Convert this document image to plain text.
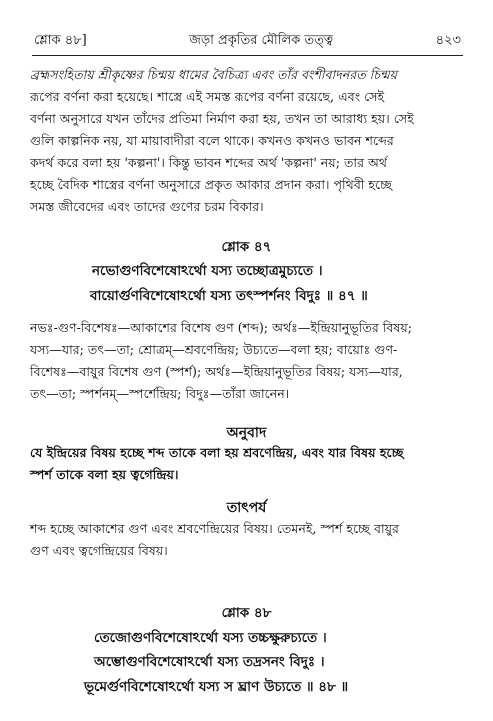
শ্লোক ৪৮]	জড়া প্রকৃতির মৌলিক তত্ত্ব	৪২৩
ব্রহ্মসংহিতায় শ্রীকৃষ্ণের চিন্ময় ধামের বৈচিত্র্য এবং তাঁর বংশীবাদনরত চিন্ময়
রূপের বর্ণনা করা হয়েছে। শাস্ত্রে এই সমস্ত রূপের বর্ণনা রয়েছে, এবং সেই
বর্ণনা অনুসারে যখন তাঁদের প্রতিমা নির্মাণ করা হয়, তখন তা আরাধ্য হয়। সেই
গুলি কাল্পনিক নয়, যা মায়াবাদীরা বলে থাকে। কখনও কখনও ভাবন শব্দের
কদর্থ করে বলা হয় 'কল্পনা'। কিন্তু ভাবন শব্দের অর্থ 'কল্পনা' নয়; তার অর্থ
হচ্ছে বৈদিক শাস্ত্রের বর্ণনা অনুসারে প্রকৃত আকার প্রদান করা। পৃথিবী হচ্ছে
সমস্ত জীবেদের এবং তাদের গুণের চরম বিকার।
শ্লোক ৪৭
নভোগুণবিশেষোঽর্থো যস্য তচ্ছোত্রমুচ্যতে ।
বায়োর্গুণবিশেষোঽর্থো যস্য তৎস্পর্শনং বিদুঃ ॥ ৪৭ ॥
নভঃ-গুণ-বিশেষঃ—আকাশের বিশেষ গুণ (শব্দ); অর্থঃ—ইন্দ্রিয়ানুভূতির বিষয়;
যস্য—যার; তৎ—তা; শ্রোত্রম্—শ্রবণেন্দ্রিয়; উচ্যতে—বলা হয়; বায়োঃ গুণ-
বিশেষঃ—বায়ুর বিশেষ গুণ (স্পর্শ); অর্থঃ—ইন্দ্রিয়ানুভূতির বিষয়; যস্য—যার,
তৎ—তা; স্পর্শনম্—স্পর্শেন্দ্রিয়; বিদুঃ—তাঁরা জানেন।
অনুবাদ
যে ইন্দ্রিয়ের বিষয় হচ্ছে শব্দ তাকে বলা হয় শ্রবণেন্দ্রিয়, এবং যার বিষয় হচ্ছে
স্পর্শ তাকে বলা হয় ত্বগেন্দ্রিয়।
তাৎপর্য
শব্দ হচ্ছে আকাশের গুণ এবং শ্রবণেন্দ্রিয়ের বিষয়। তেমনই, স্পর্শ হচ্ছে বায়ুর
গুণ এবং ত্বগেন্দ্রিয়ের বিষয়।
শ্লোক ৪৮
তেজোগুণবিশেষোঽর্থো যস্য তচ্চক্ষুরুচ্যতে ।
অম্ভোগুণবিশেষোঽর্থো যস্য তদ্রসনং বিদুঃ ।
ভূমের্গুণবিশেষোঽর্থো যস্য স ঘ্রাণ উচ্যতে ॥ ৪৮ ॥
